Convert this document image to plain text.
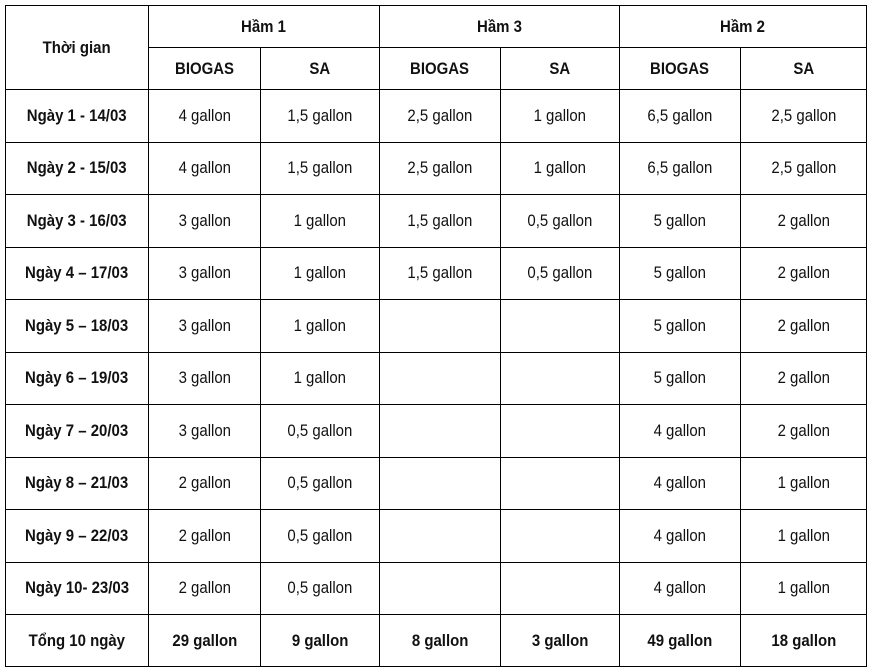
Thời gian	Hầm 1		Hầm 3		Hầm 2	
	BIOGAS	SA	BIOGAS	SA	BIOGAS	SA
Ngày 1 - 14/03	4 gallon	1,5 gallon	2,5 gallon	1 gallon	6,5 gallon	2,5 gallon
Ngày 2 - 15/03	4 gallon	1,5 gallon	2,5 gallon	1 gallon	6,5 gallon	2,5 gallon
Ngày 3 - 16/03	3 gallon	1 gallon	1,5 gallon	0,5 gallon	5 gallon	2 gallon
Ngày 4 – 17/03	3 gallon	1 gallon	1,5 gallon	0,5 gallon	5 gallon	2 gallon
Ngày 5 – 18/03	3 gallon	1 gallon			5 gallon	2 gallon
Ngày 6 – 19/03	3 gallon	1 gallon			5 gallon	2 gallon
Ngày 7 – 20/03	3 gallon	0,5 gallon			4 gallon	2 gallon
Ngày 8 – 21/03	2 gallon	0,5 gallon			4 gallon	1 gallon
Ngày 9 – 22/03	2 gallon	0,5 gallon			4 gallon	1 gallon
Ngày 10- 23/03	2 gallon	0,5 gallon			4 gallon	1 gallon
Tổng 10 ngày	29 gallon	9 gallon	8 gallon	3 gallon	49 gallon	18 gallon
